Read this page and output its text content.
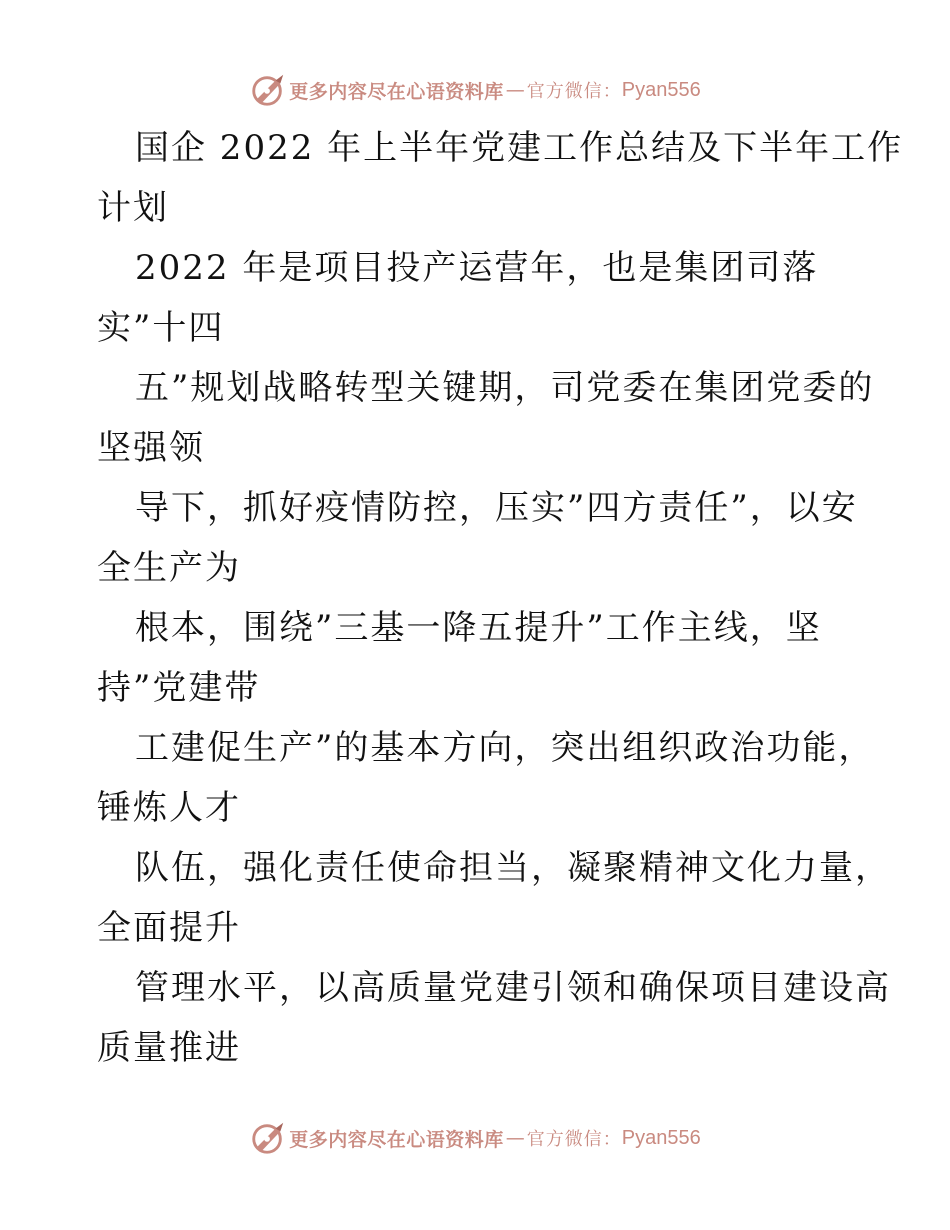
更多内容尽在心语资料库 — 官方微信： Pyan556
国企 2022 年上半年党建工作总结及下半年工作
计划
2022 年是项目投产运营年，也是集团司落
实”十四
五”规划战略转型关键期，司党委在集团党委的
坚强领
导下，抓好疫情防控，压实”四方责任”，以安
全生产为
根本，围绕”三基一降五提升”工作主线，坚
持”党建带
工建促生产”的基本方向，突出组织政治功能，
锤炼人才
队伍，强化责任使命担当，凝聚精神文化力量，
全面提升
管理水平，以高质量党建引领和确保项目建设高
质量推进
更多内容尽在心语资料库 — 官方微信： Pyan556
